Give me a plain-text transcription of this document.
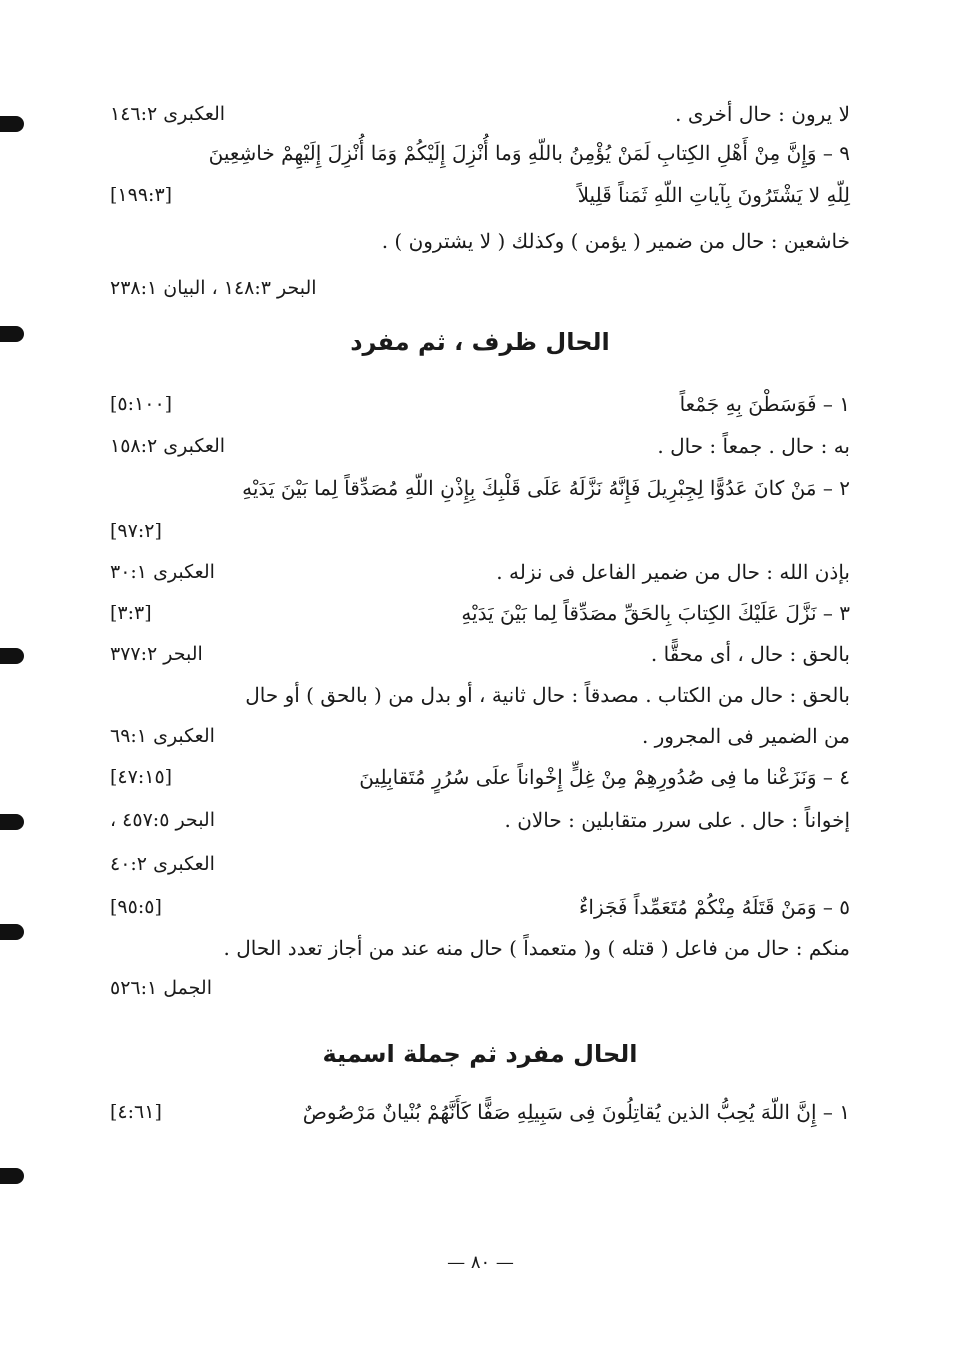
لا يرون : حال أخرى .
العكبرى ١٤٦:٢
٩ – وَإِنَّ مِنْ أَهْلِ الكِتابِ لَمَنْ يُؤْمِنُ باللّهِ وَما أُنْزِلَ إِلَيْكُمْ وَمَا أُنْزِلَ إِلَيْهِمْ خاشِعِينَ
لِلّهِ لا يَشْتَرُونَ بِآياتِ اللّهِ ثَمَناً قَلِيلاً
[١٩٩:٣]
خاشعين : حال من ضمير ( يؤمن ) وكذلك ( لا يشترون ) .
البحر ١٤٨:٣ ، البيان ٢٣٨:١
الحال ظرف ، ثم مفرد
١ – فَوَسَطْنَ بِهِ جَمْعاً
[٥:١٠٠]
به : حال . جمعاً : حال .
العكبرى ١٥٨:٢
٢ – مَنْ كانَ عَدُوًّا لِجِبْرِيلَ فَإِنَّهُ نَزَّلَهُ عَلَى قَلْبِكَ بِإِذْنِ اللّهِ مُصَدِّقاً لِما بَيْنَ يَدَيْهِ
[٩٧:٢]
بإذن الله : حال من ضمير الفاعل فى نزله .
العكبرى ٣٠:١
٣ – نَزَّلَ عَلَيْكَ الكِتابَ بِالحَقِّ مصَدِّقاً لِما بَيْنَ يَدَيْهِ
[٣:٣]
بالحق : حال ، أى محقًّا .
البحر ٣٧٧:٢
بالحق : حال من الكتاب . مصدقاً : حال ثانية ، أو بدل من ( بالحق ) أو حال
من الضمير فى المجرور .
العكبرى ٦٩:١
٤ – وَنَزَعْنا ما فِى صُدُورِهِمْ مِنْ غِلٍّ إِخْواناً علَى سُرُرٍ مُتَقابِلِينَ
[٤٧:١٥]
إخواناً : حال . على سرر متقابلين : حالان .
البحر ٤٥٧:٥ ،
العكبرى ٤٠:٢
٥ – وَمَنْ قَتَلَهُ مِنْكُمْ مُتَعَمِّداً فَجَزاءٌ
[٩٥:٥]
منكم : حال من فاعل ( قتله ) و( متعمداً ) حال منه عند من أجاز تعدد الحال .
الجمل ٥٢٦:١
الحال مفرد ثم جملة اسمية
١ – إِنَّ اللّهَ يُحِبُّ الذين يُقاتِلُونَ فِى سَبِيلِهِ صَفًّا كَأَنَّهُمْ بُنْيانٌ مَرْصُوصٌ
[٤:٦١]
— ٨٠ —
